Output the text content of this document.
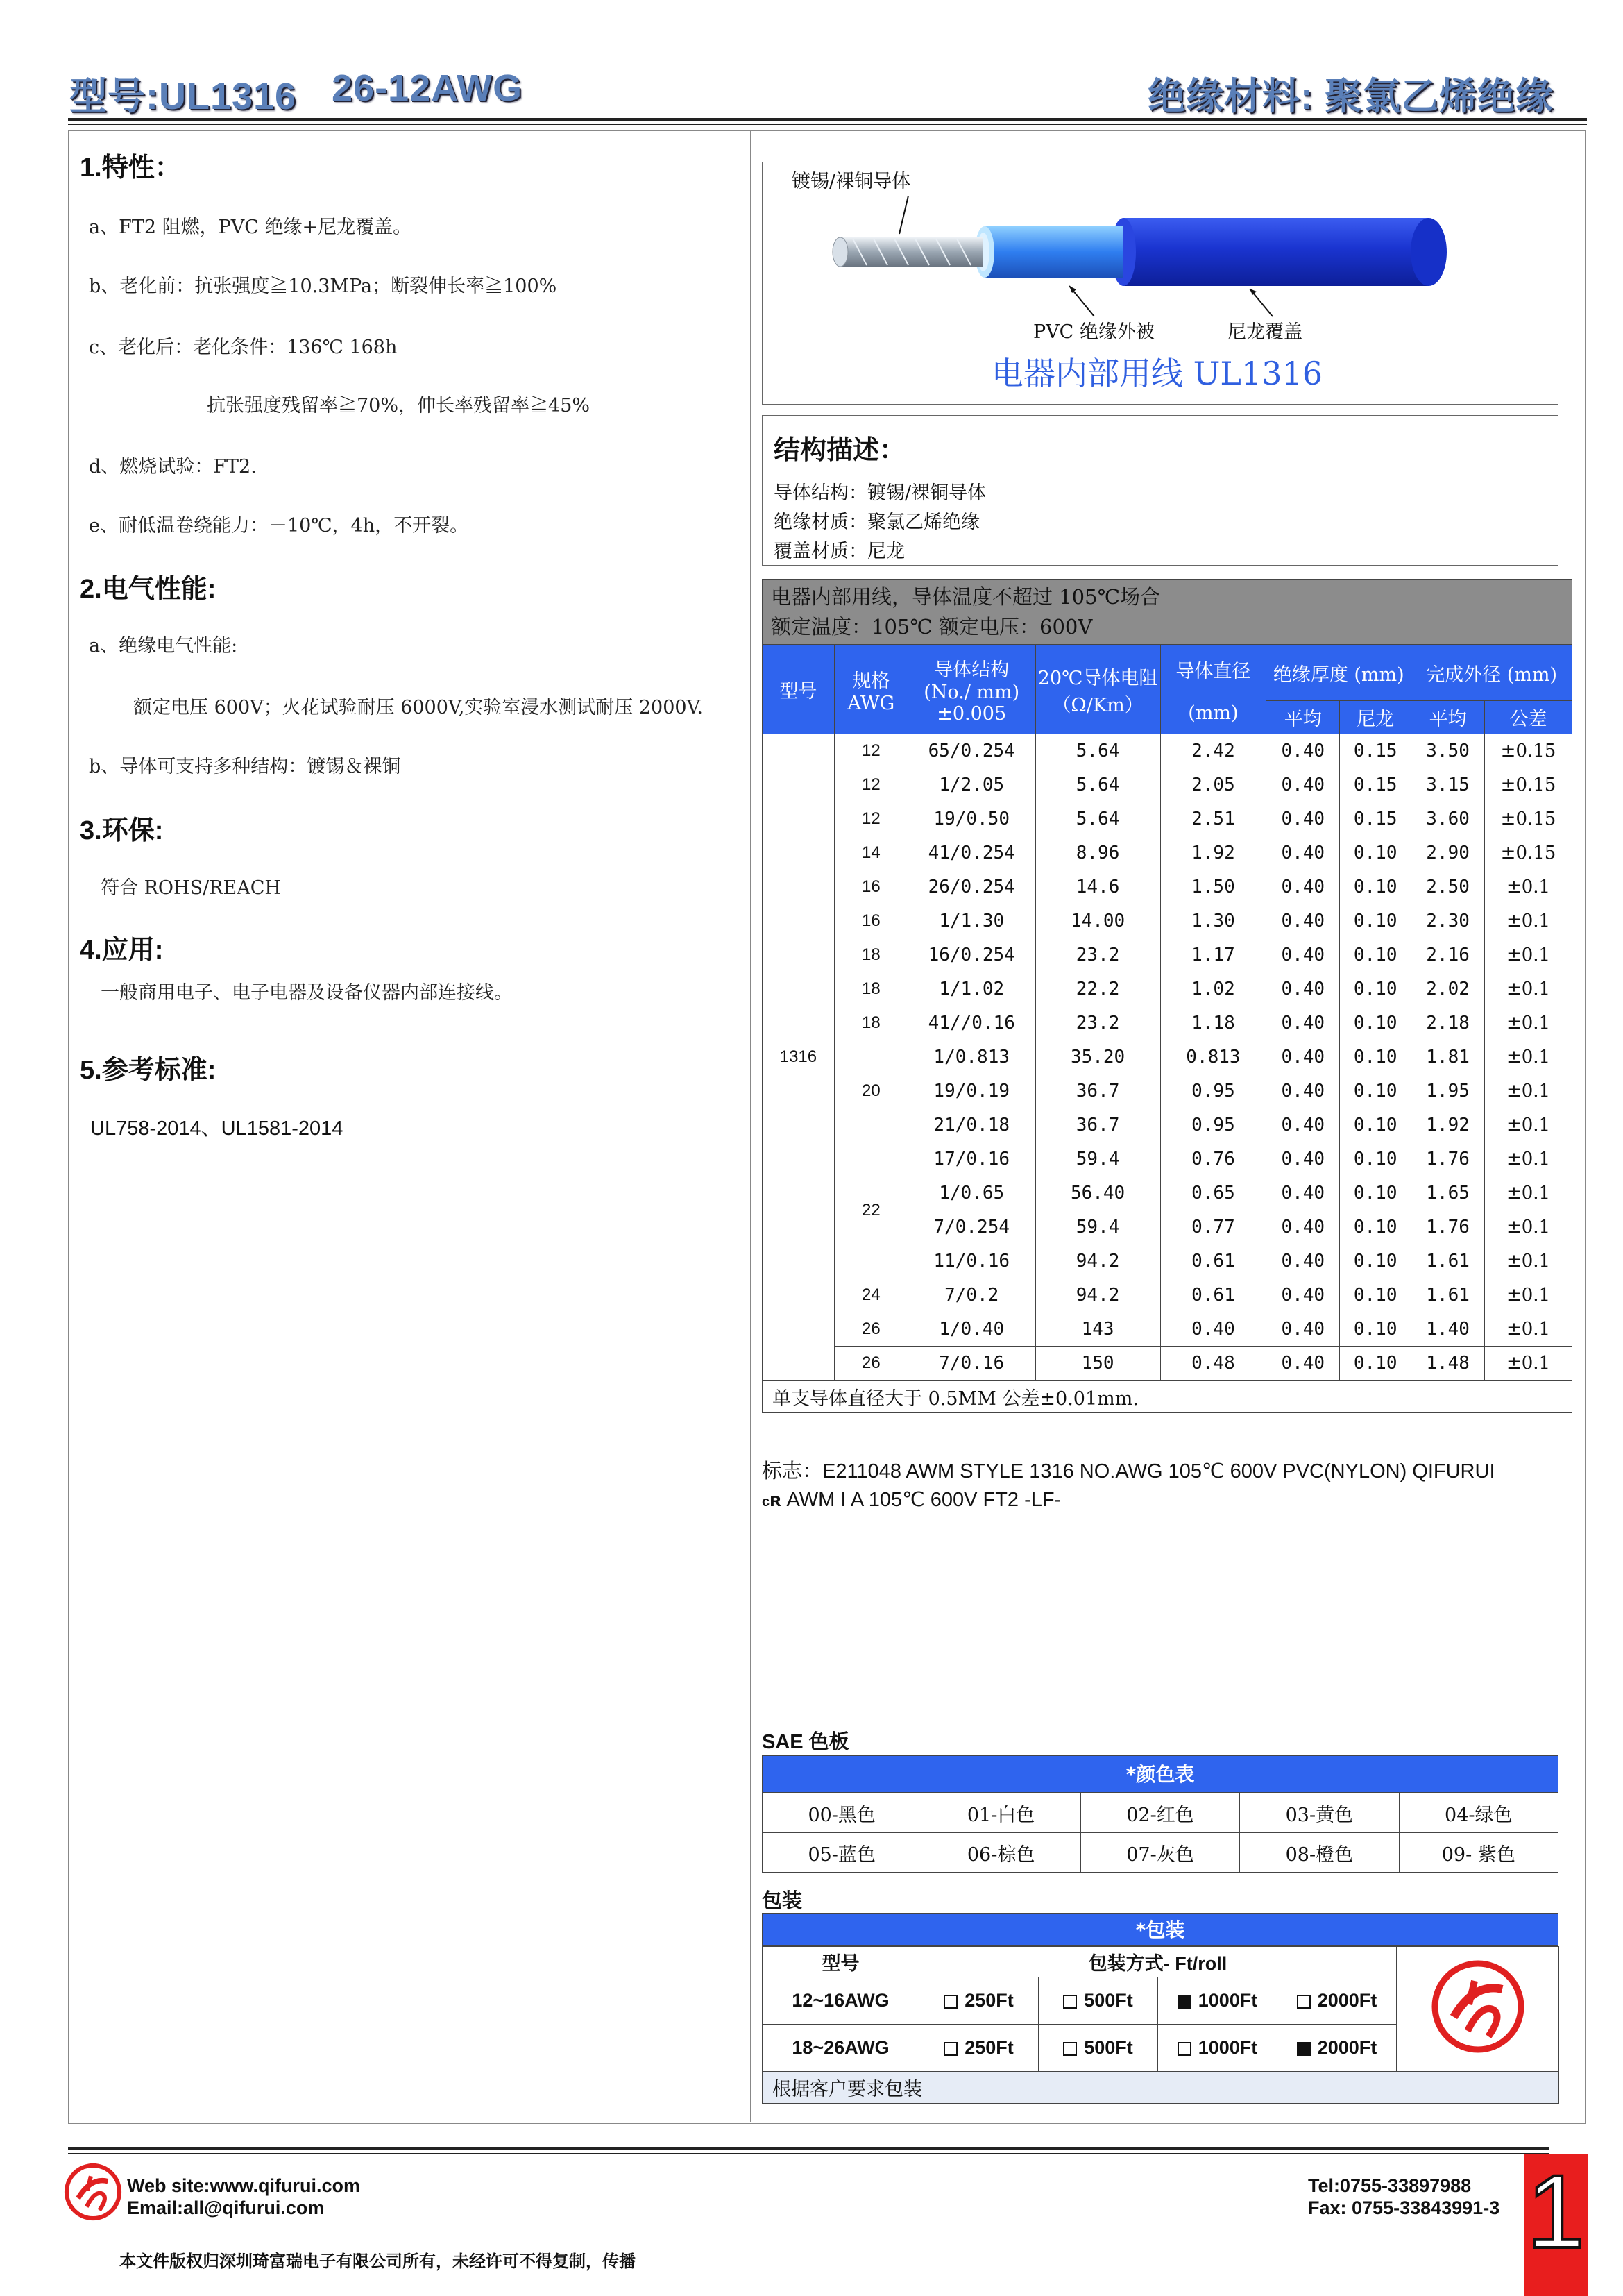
型号:UL1316 26-12AWG	绝缘材料: 聚氯乙烯绝缘
1.特性：
a、FT2 阻燃，PVC 绝缘+尼龙覆盖。
b、老化前：抗张强度≧10.3MPa；断裂伸长率≧100%
c、老化后：老化条件：136℃ 168h
抗张强度残留率≧70%，伸长率残留率≧45%
d、燃烧试验：FT2.
e、耐低温卷绕能力：－10℃，4h，不开裂。
2.电气性能:
a、绝缘电气性能:
额定电压 600V；火花试验耐压 6000V,实验室浸水测试耐压 2000V.
b、导体可支持多种结构：镀锡＆裸铜
3.环保:
符合 ROHS/REACH
4.应用:
一般商用电子、电子电器及设备仪器内部连接线。
5.参考标准:
UL758-2014、UL1581-2014
镀锡/裸铜导体
PVC 绝缘外被	尼龙覆盖
电器内部用线 UL1316
结构描述：
导体结构：镀锡/裸铜导体
绝缘材质：聚氯乙烯绝缘
覆盖材质：尼龙
电器内部用线，导体温度不超过 105℃场合
额定温度：105℃ 额定电压：600V
型号	规格 AWG	导体结构 (No./ mm) ±0.005	20℃导体电阻（Ω/Km）	导体直径
(mm)	绝缘厚度 (mm)		完成外径 (mm)	
					平均	尼龙	平均	公差
1316	12	65/0.254	5.64	2.42	0.40	0.15	3.50	±0.15
	12	1/2.05	5.64	2.05	0.40	0.15	3.15	±0.15
	12	19/0.50	5.64	2.51	0.40	0.15	3.60	±0.15
	14	41/0.254	8.96	1.92	0.40	0.10	2.90	±0.15
	16	26/0.254	14.6	1.50	0.40	0.10	2.50	±0.1
	16	1/1.30	14.00	1.30	0.40	0.10	2.30	±0.1
	18	16/0.254	23.2	1.17	0.40	0.10	2.16	±0.1
	18	1/1.02	22.2	1.02	0.40	0.10	2.02	±0.1
	18	41//0.16	23.2	1.18	0.40	0.10	2.18	±0.1
	20	1/0.813	35.20	0.813	0.40	0.10	1.81	±0.1
		19/0.19	36.7	0.95	0.40	0.10	1.95	±0.1
		21/0.18	36.7	0.95	0.40	0.10	1.92	±0.1
	22	17/0.16	59.4	0.76	0.40	0.10	1.76	±0.1
		1/0.65	56.40	0.65	0.40	0.10	1.65	±0.1
		7/0.254	59.4	0.77	0.40	0.10	1.76	±0.1
		11/0.16	94.2	0.61	0.40	0.10	1.61	±0.1
	24	7/0.2	94.2	0.61	0.40	0.10	1.61	±0.1
	26	1/0.40	143	0.40	0.40	0.10	1.40	±0.1
	26	7/0.16	150	0.48	0.40	0.10	1.48	±0.1
单支导体直径大于 0.5MM 公差±0.01mm.								
标志：E211048 AWM STYLE 1316 NO.AWG 105℃ 600V PVC(NYLON) QIFURUI
cʀ AWM I A 105℃ 600V FT2 -LF-
SAE 色板
*颜色表
00-黑色	01-白色	02-红色	03-黄色	04-绿色
05-蓝色	06-棕色	07-灰色	08-橙色	09- 紫色
包装
*包装
型号	包装方式- Ft/roll	
12~16AWG	250Ft	500Ft	1000Ft	2000Ft	
18~26AWG	250Ft	500Ft	1000Ft	2000Ft	
根据客户要求包装					
Web site:www.qifurui.com
Email:all@qifurui.com
Tel:0755-33897988
Fax: 0755-33843991-3 1
本文件版权归深圳琦富瑞电子有限公司所有，未经许可不得复制，传播
